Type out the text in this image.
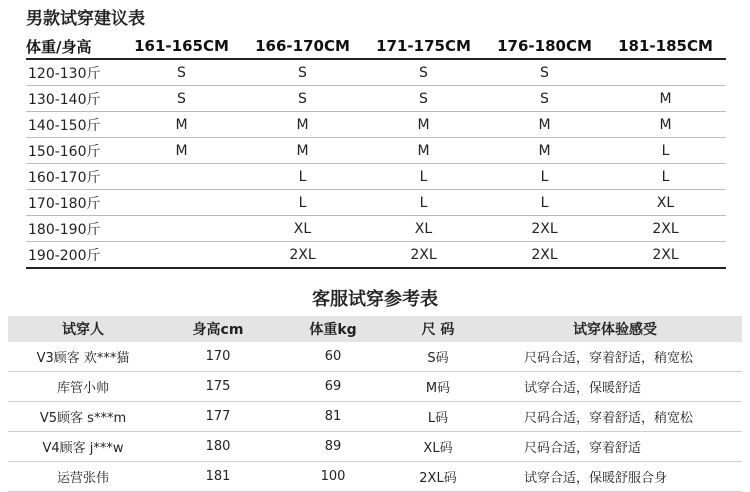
男款试穿建议表
体重/身高	161-165CM	166-170CM	171-175CM	176-180CM	181-185CM
120-130斤	S	S	S	S	
130-140斤	S	S	S	S	M
140-150斤	M	M	M	M	M
150-160斤	M	M	M	M	L
160-170斤		L	L	L	L
170-180斤		L	L	L	XL
180-190斤		XL	XL	2XL	2XL
190-200斤		2XL	2XL	2XL	2XL
客服试穿参考表
试穿人	身高cm	体重kg	尺 码	试穿体验感受
V3顾客 欢***猫	170	60	S码	尺码合适，穿着舒适，稍宽松
库管小帅	175	69	M码	试穿合适，保暖舒适
V5顾客 s***m	177	81	L码	尺码合适，穿着舒适，稍宽松
V4顾客 j***w	180	89	XL码	尺码合适，穿着舒适
运营张伟	181	100	2XL码	试穿合适，保暖舒服合身
